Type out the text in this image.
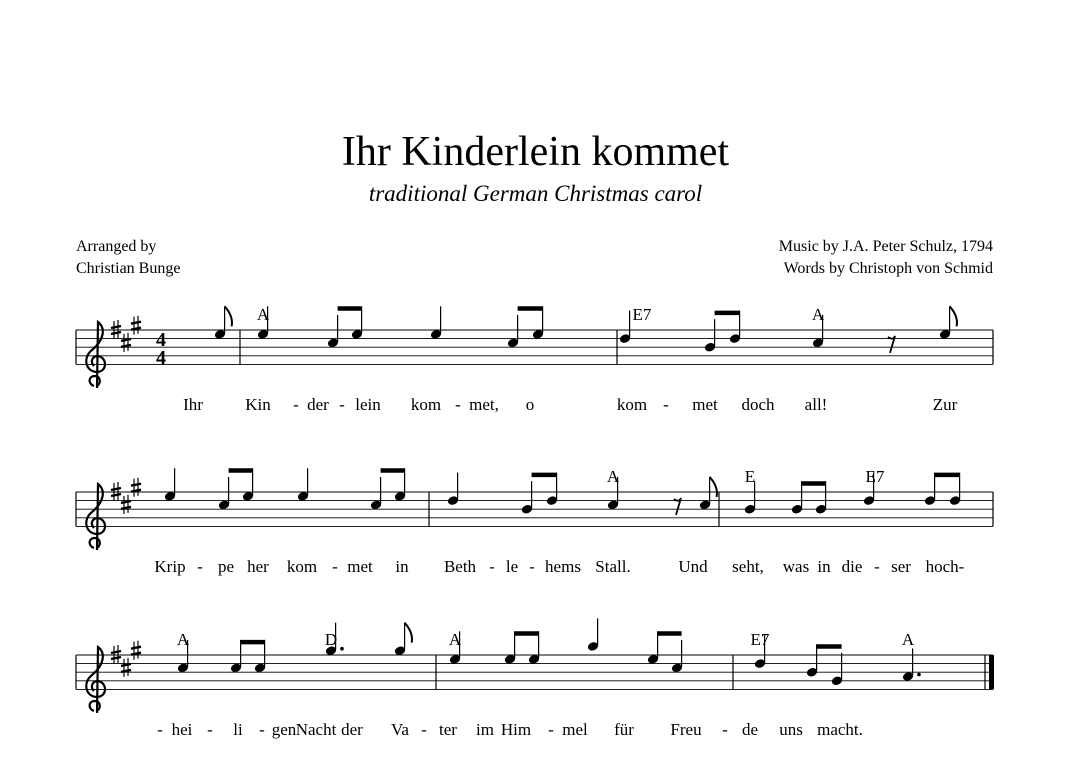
Ihr Kinderlein kommet
traditional German Christmas carol
Arranged by
Christian Bunge
Music by J.A. Peter Schulz, 1794
Words by Christoph von Schmid
4
4
A	E7	A
Ihr Kin - der - lein kom - met, o	kom - met doch all!	Zur
A	E	E7
Krip - pe her kom - met in Beth - le - hems Stall.	Und seht, was in die - ser hoch-
A	D	A	E7	A
- hei - li - gen Nacht der Va - ter im Him - mel für Freu - de uns macht.
